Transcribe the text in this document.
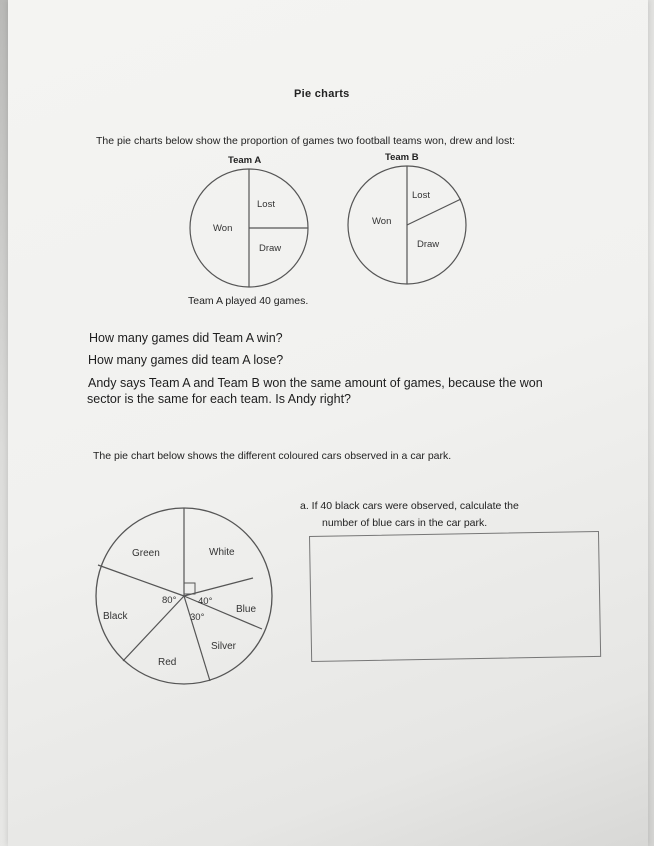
Pie charts
The pie charts below show the proportion of games two football teams won, drew and lost:
Team A
Lost
Won
Draw
Team B
Lost
Won
Draw
Team A played 40 games.
How many games did Team A win?
How many games did team A lose?
Andy says Team A and Team B won the same amount of games, because the won
sector is the same for each team. Is Andy right?
The pie chart below shows the different coloured cars observed in a car park.
Green	White
Black
Blue
Silver
Red
80° 40°
30°
a. If 40 black cars were observed, calculate the
number of blue cars in the car park.
